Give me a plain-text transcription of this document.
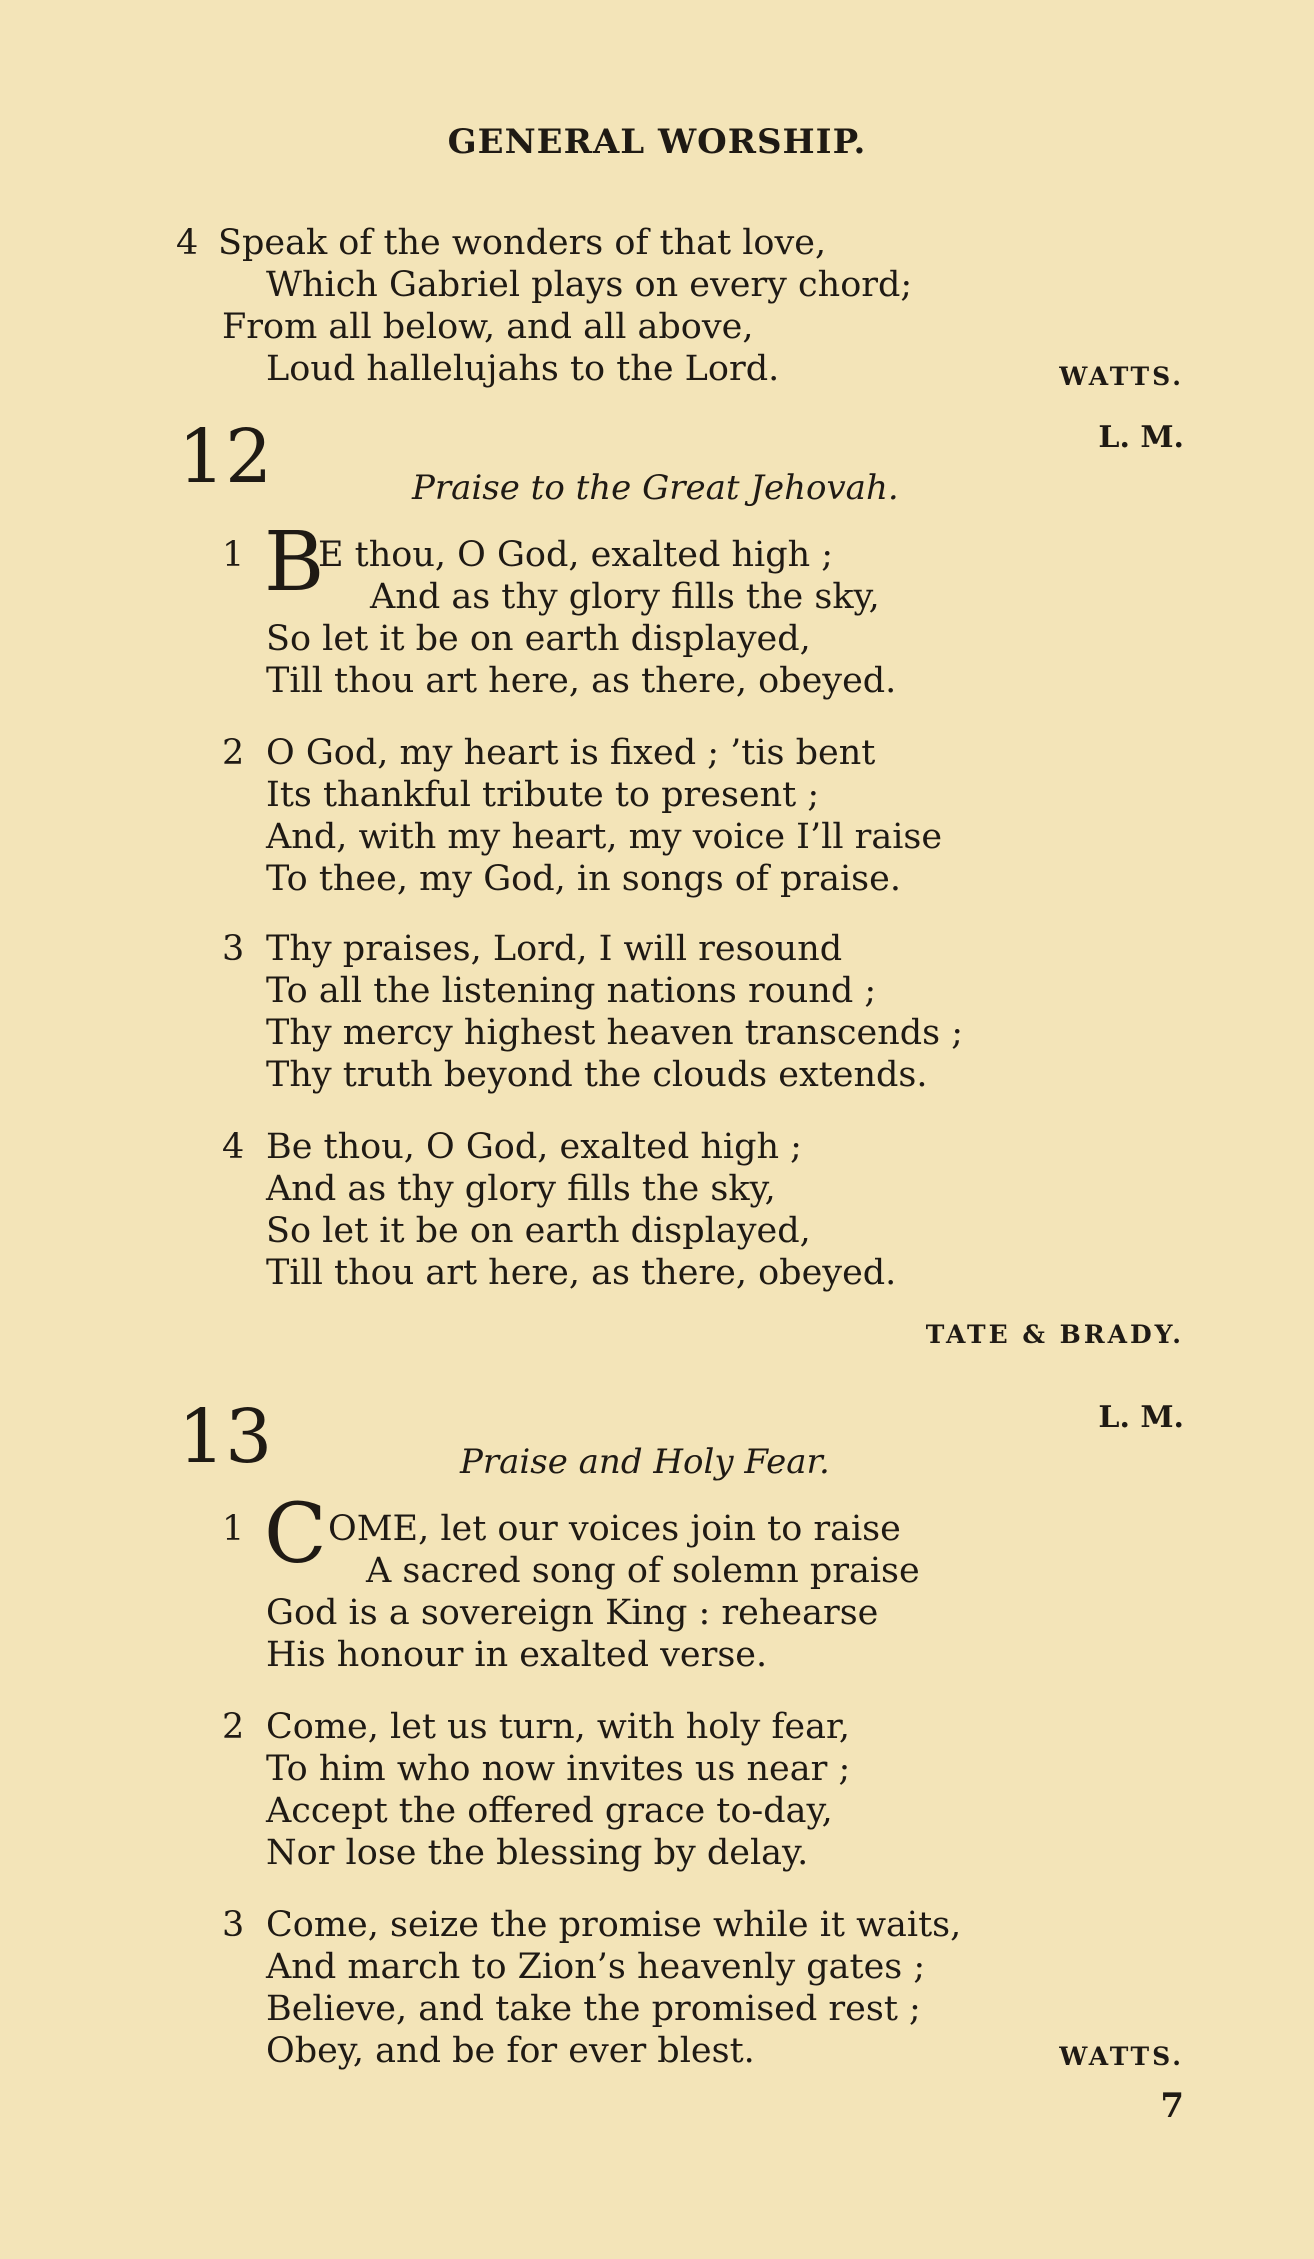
GENERAL WORSHIP.
4 Speak of the wonders of that love,
Which Gabriel plays on every chord;
From all below, and all above,
Loud hallelujahs to the Lord.	WATTS.
12	L. M.
Praise to the Great Jehovah.
1 B
E thou, O God, exalted high ;
And as thy glory fills the sky,
So let it be on earth displayed,
Till thou art here, as there, obeyed.
2 O God, my heart is fixed ; ’tis bent
Its thankful tribute to present ;
And, with my heart, my voice I’ll raise
To thee, my God, in songs of praise.
3 Thy praises, Lord, I will resound
To all the listening nations round ;
Thy mercy highest heaven transcends ;
Thy truth beyond the clouds extends.
4 Be thou, O God, exalted high ;
And as thy glory fills the sky,
So let it be on earth displayed,
Till thou art here, as there, obeyed.
TATE & BRADY.
13	L. M.
Praise and Holy Fear.
1 C OME, let our voices join to raise
A sacred song of solemn praise
God is a sovereign King : rehearse
His honour in exalted verse.
2 Come, let us turn, with holy fear,
To him who now invites us near ;
Accept the offered grace to-day,
Nor lose the blessing by delay.
3 Come, seize the promise while it waits,
And march to Zion’s heavenly gates ;
Believe, and take the promised rest ;
Obey, and be for ever blest.	WATTS.
7
